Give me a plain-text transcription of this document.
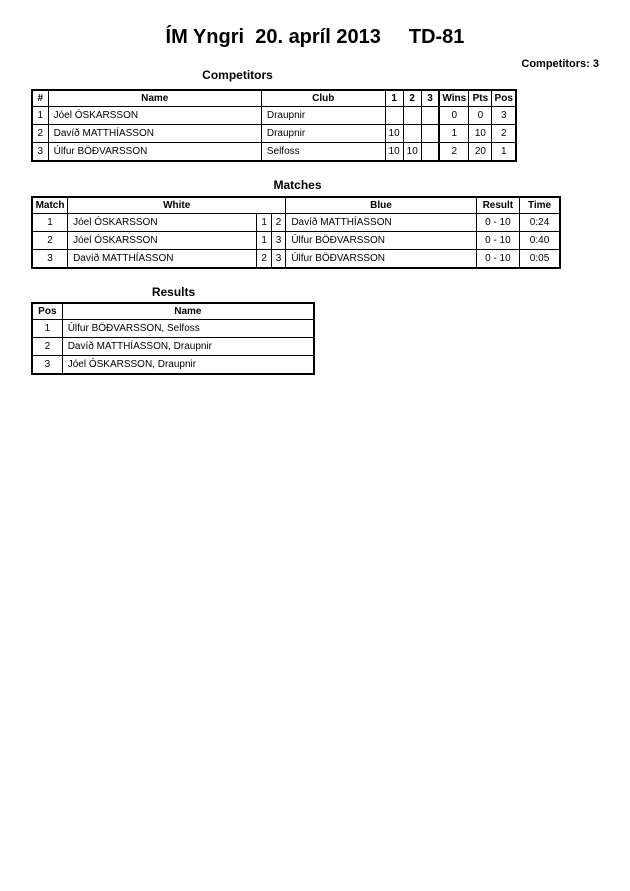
ÍM Yngri 20. apríl 2013 TD-81
Competitors: 3
Competitors
#	Name	Club	1	2	3	Wins	Pts	Pos
1	Jóel ÓSKARSSON	Draupnir				0	0	3
2	Davíð MATTHÍASSON	Draupnir	10			1	10	2
3	Úlfur BÖÐVARSSON	Selfoss	10	10		2	20	1
Matches
Match	White			Blue	Result	Time
1	Jóel ÓSKARSSON	1	2	Davíð MATTHÍASSON	0 - 10	0:24
2	Jóel ÓSKARSSON	1	3	Úlfur BÖÐVARSSON	0 - 10	0:40
3	Davíð MATTHÍASSON	2	3	Úlfur BÖÐVARSSON	0 - 10	0:05
Results
Pos	Name
1	Úlfur BÖÐVARSSON, Selfoss
2	Davíð MATTHÍASSON, Draupnir
3	Jóel ÓSKARSSON, Draupnir
